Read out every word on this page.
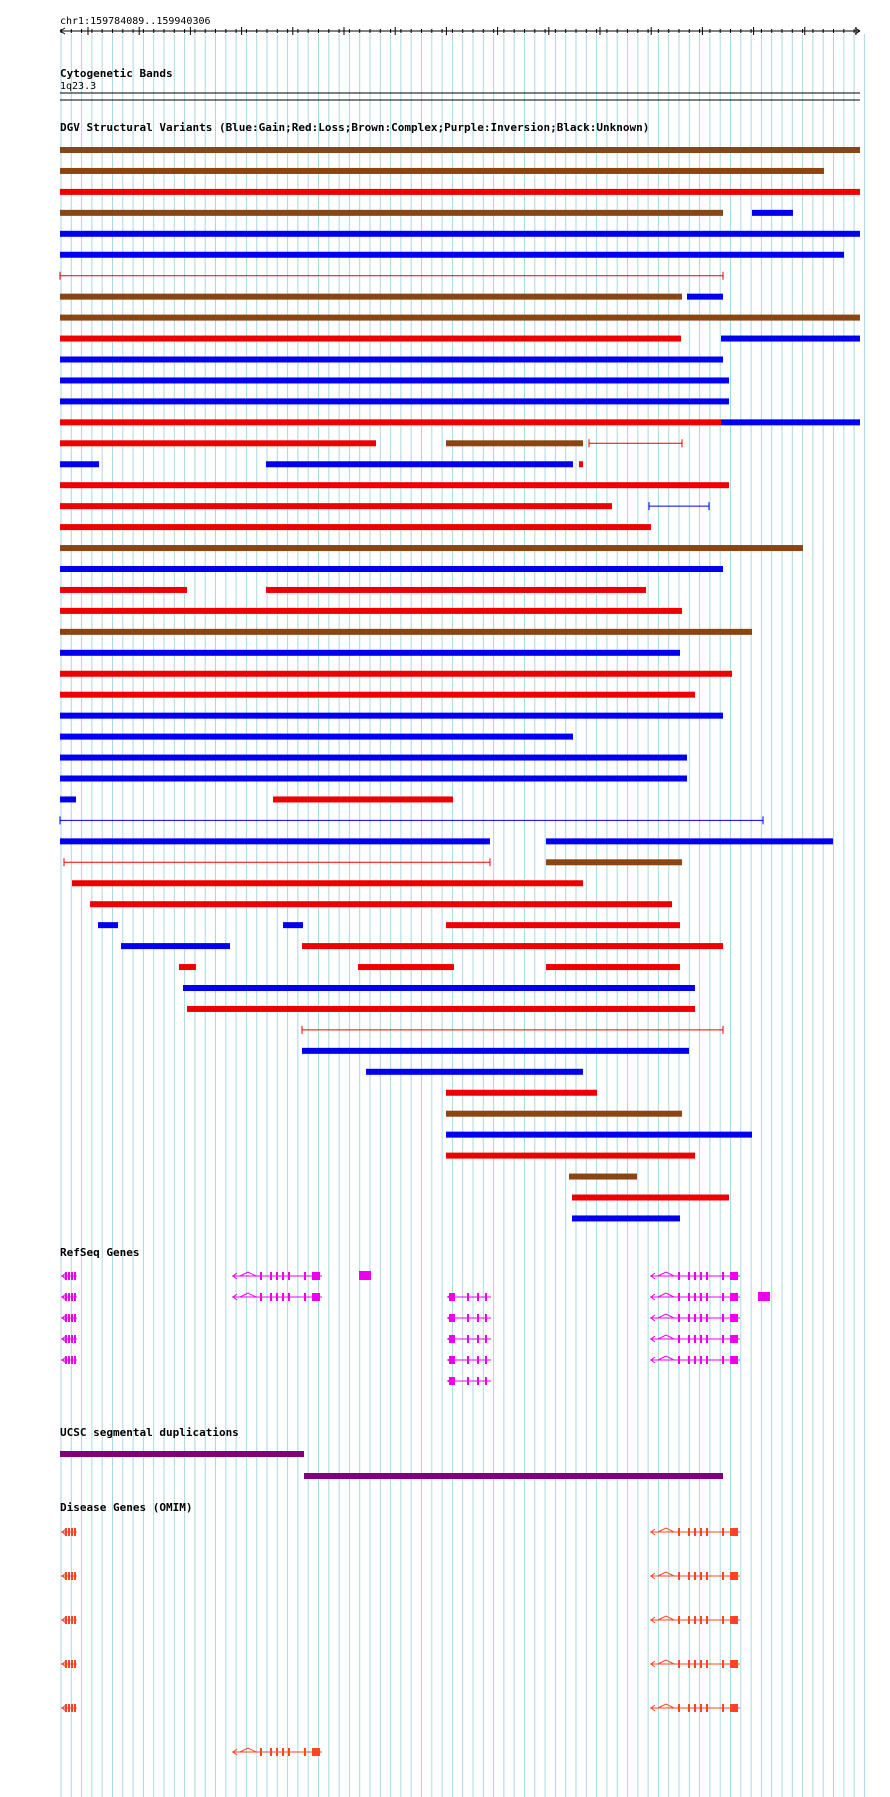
chr1:159784089..159940306
Cytogenetic Bands
1q23.3
DGV Structural Variants (Blue:Gain;Red:Loss;Brown:Complex;Purple:Inversion;Black:Unknown)
RefSeq Genes
UCSC segmental duplications
Disease Genes (OMIM)
